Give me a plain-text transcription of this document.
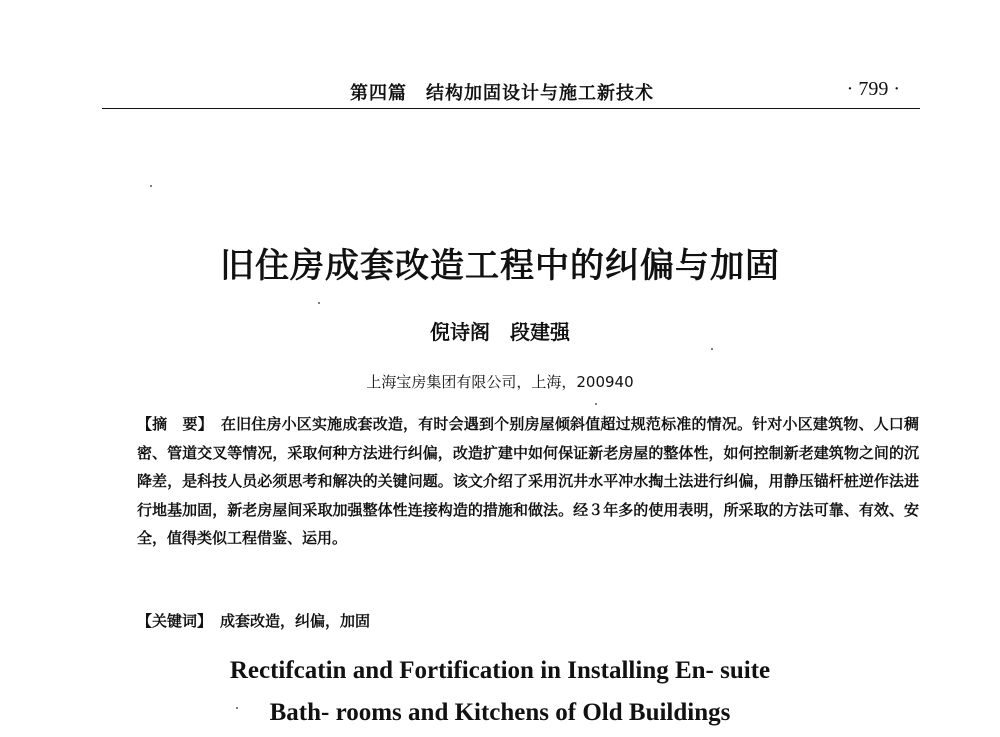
第四篇　结构加固设计与施工新技术	· 799 ·
旧住房成套改造工程中的纠偏与加固
倪诗阁　段建强
上海宝房集团有限公司，上海，200940
【摘　要】 在旧住房小区实施成套改造，有时会遇到个别房屋倾斜值超过规范标准的情况。针对小区建筑物、人口稠密、管道交叉等情况，采取何种方法进行纠偏，改造扩建中如何保证新老房屋的整体性，如何控制新老建筑物之间的沉降差，是科技人员必须思考和解决的关键问题。该文介绍了采用沉井水平冲水掏土法进行纠偏，用静压锚杆桩逆作法进行地基加固，新老房屋间采取加强整体性连接构造的措施和做法。经３年多的使用表明，所采取的方法可靠、有效、安全，值得类似工程借鉴、运用。
【关键词】 成套改造，纠偏，加固
Rectifcatin and Fortification in Installing En- suite
Bath- rooms and Kitchens of Old Buildings
